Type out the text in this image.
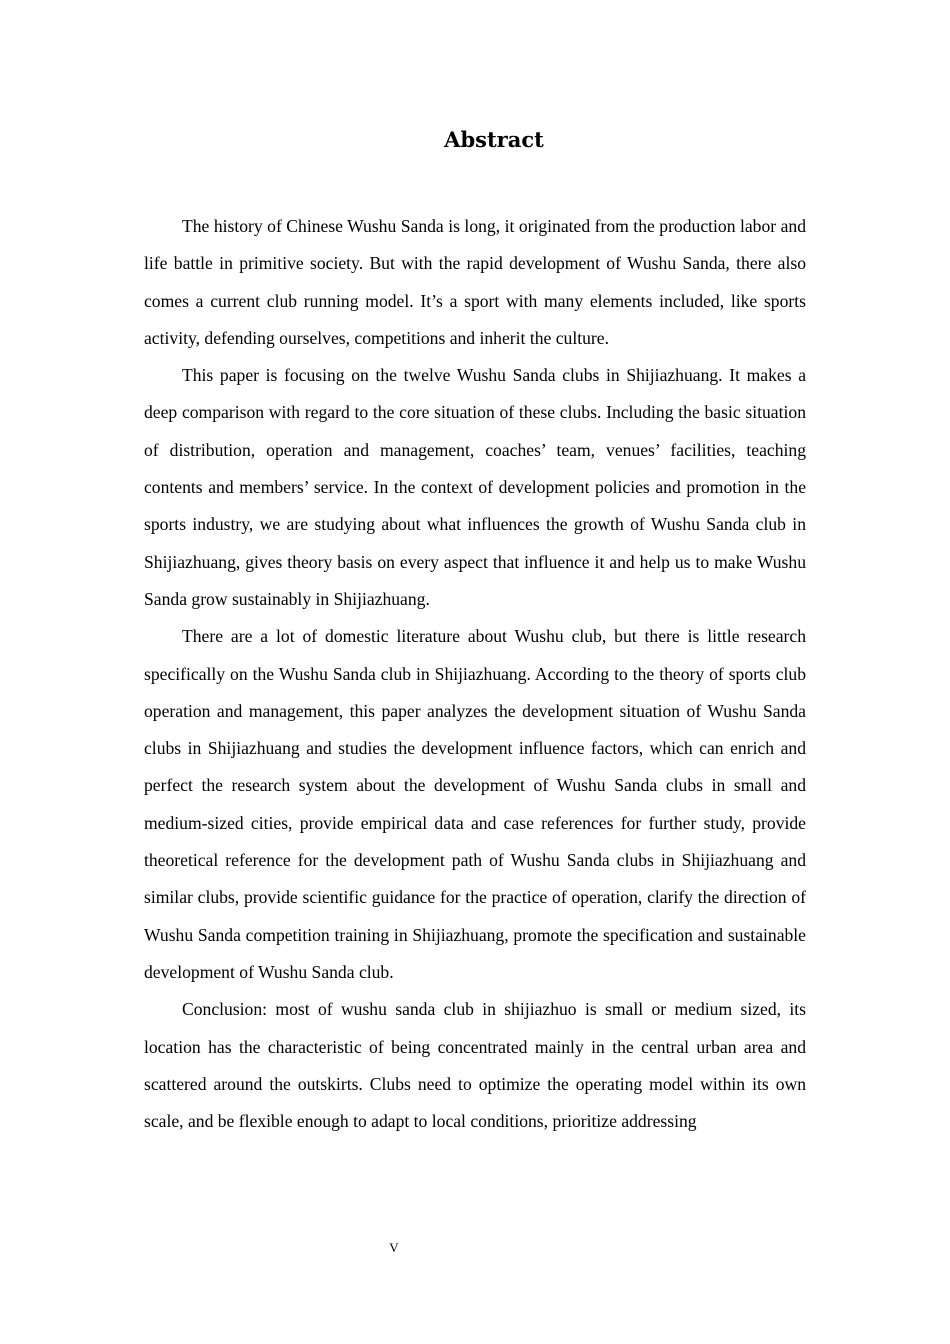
Abstract

The history of Chinese Wushu Sanda is long, it originated from the production labor and life battle in primitive society. But with the rapid development of Wushu Sanda, there also comes a current club running model. It’s a sport with many elements included, like sports activity, defending ourselves, competitions and inherit the culture.

This paper is focusing on the twelve Wushu Sanda clubs in Shijiazhuang. It makes a deep comparison with regard to the core situation of these clubs. Including the basic situation of distribution, operation and management, coaches’ team, venues’ facilities, teaching contents and members’ service. In the context of development policies and promotion in the sports industry, we are studying about what influences the growth of Wushu Sanda club in Shijiazhuang, gives theory basis on every aspect that influence it and help us to make Wushu Sanda grow sustainably in Shijiazhuang.

There are a lot of domestic literature about Wushu club, but there is little research specifically on the Wushu Sanda club in Shijiazhuang. According to the theory of sports club operation and management, this paper analyzes the development situation of Wushu Sanda clubs in Shijiazhuang and studies the development influence factors, which can enrich and perfect the research system about the development of Wushu Sanda clubs in small and medium-sized cities, provide empirical data and case references for further study, provide theoretical reference for the development path of Wushu Sanda clubs in Shijiazhuang and similar clubs, provide scientific guidance for the practice of operation, clarify the direction of Wushu Sanda competition training in Shijiazhuang, promote the specification and sustainable development of Wushu Sanda club.

Conclusion: most of wushu sanda club in shijiazhuo is small or medium sized, its location has the characteristic of being concentrated mainly in the central urban area and scattered around the outskirts. Clubs need to optimize the operating model within its own scale, and be flexible enough to adapt to local conditions, prioritize addressing

V
